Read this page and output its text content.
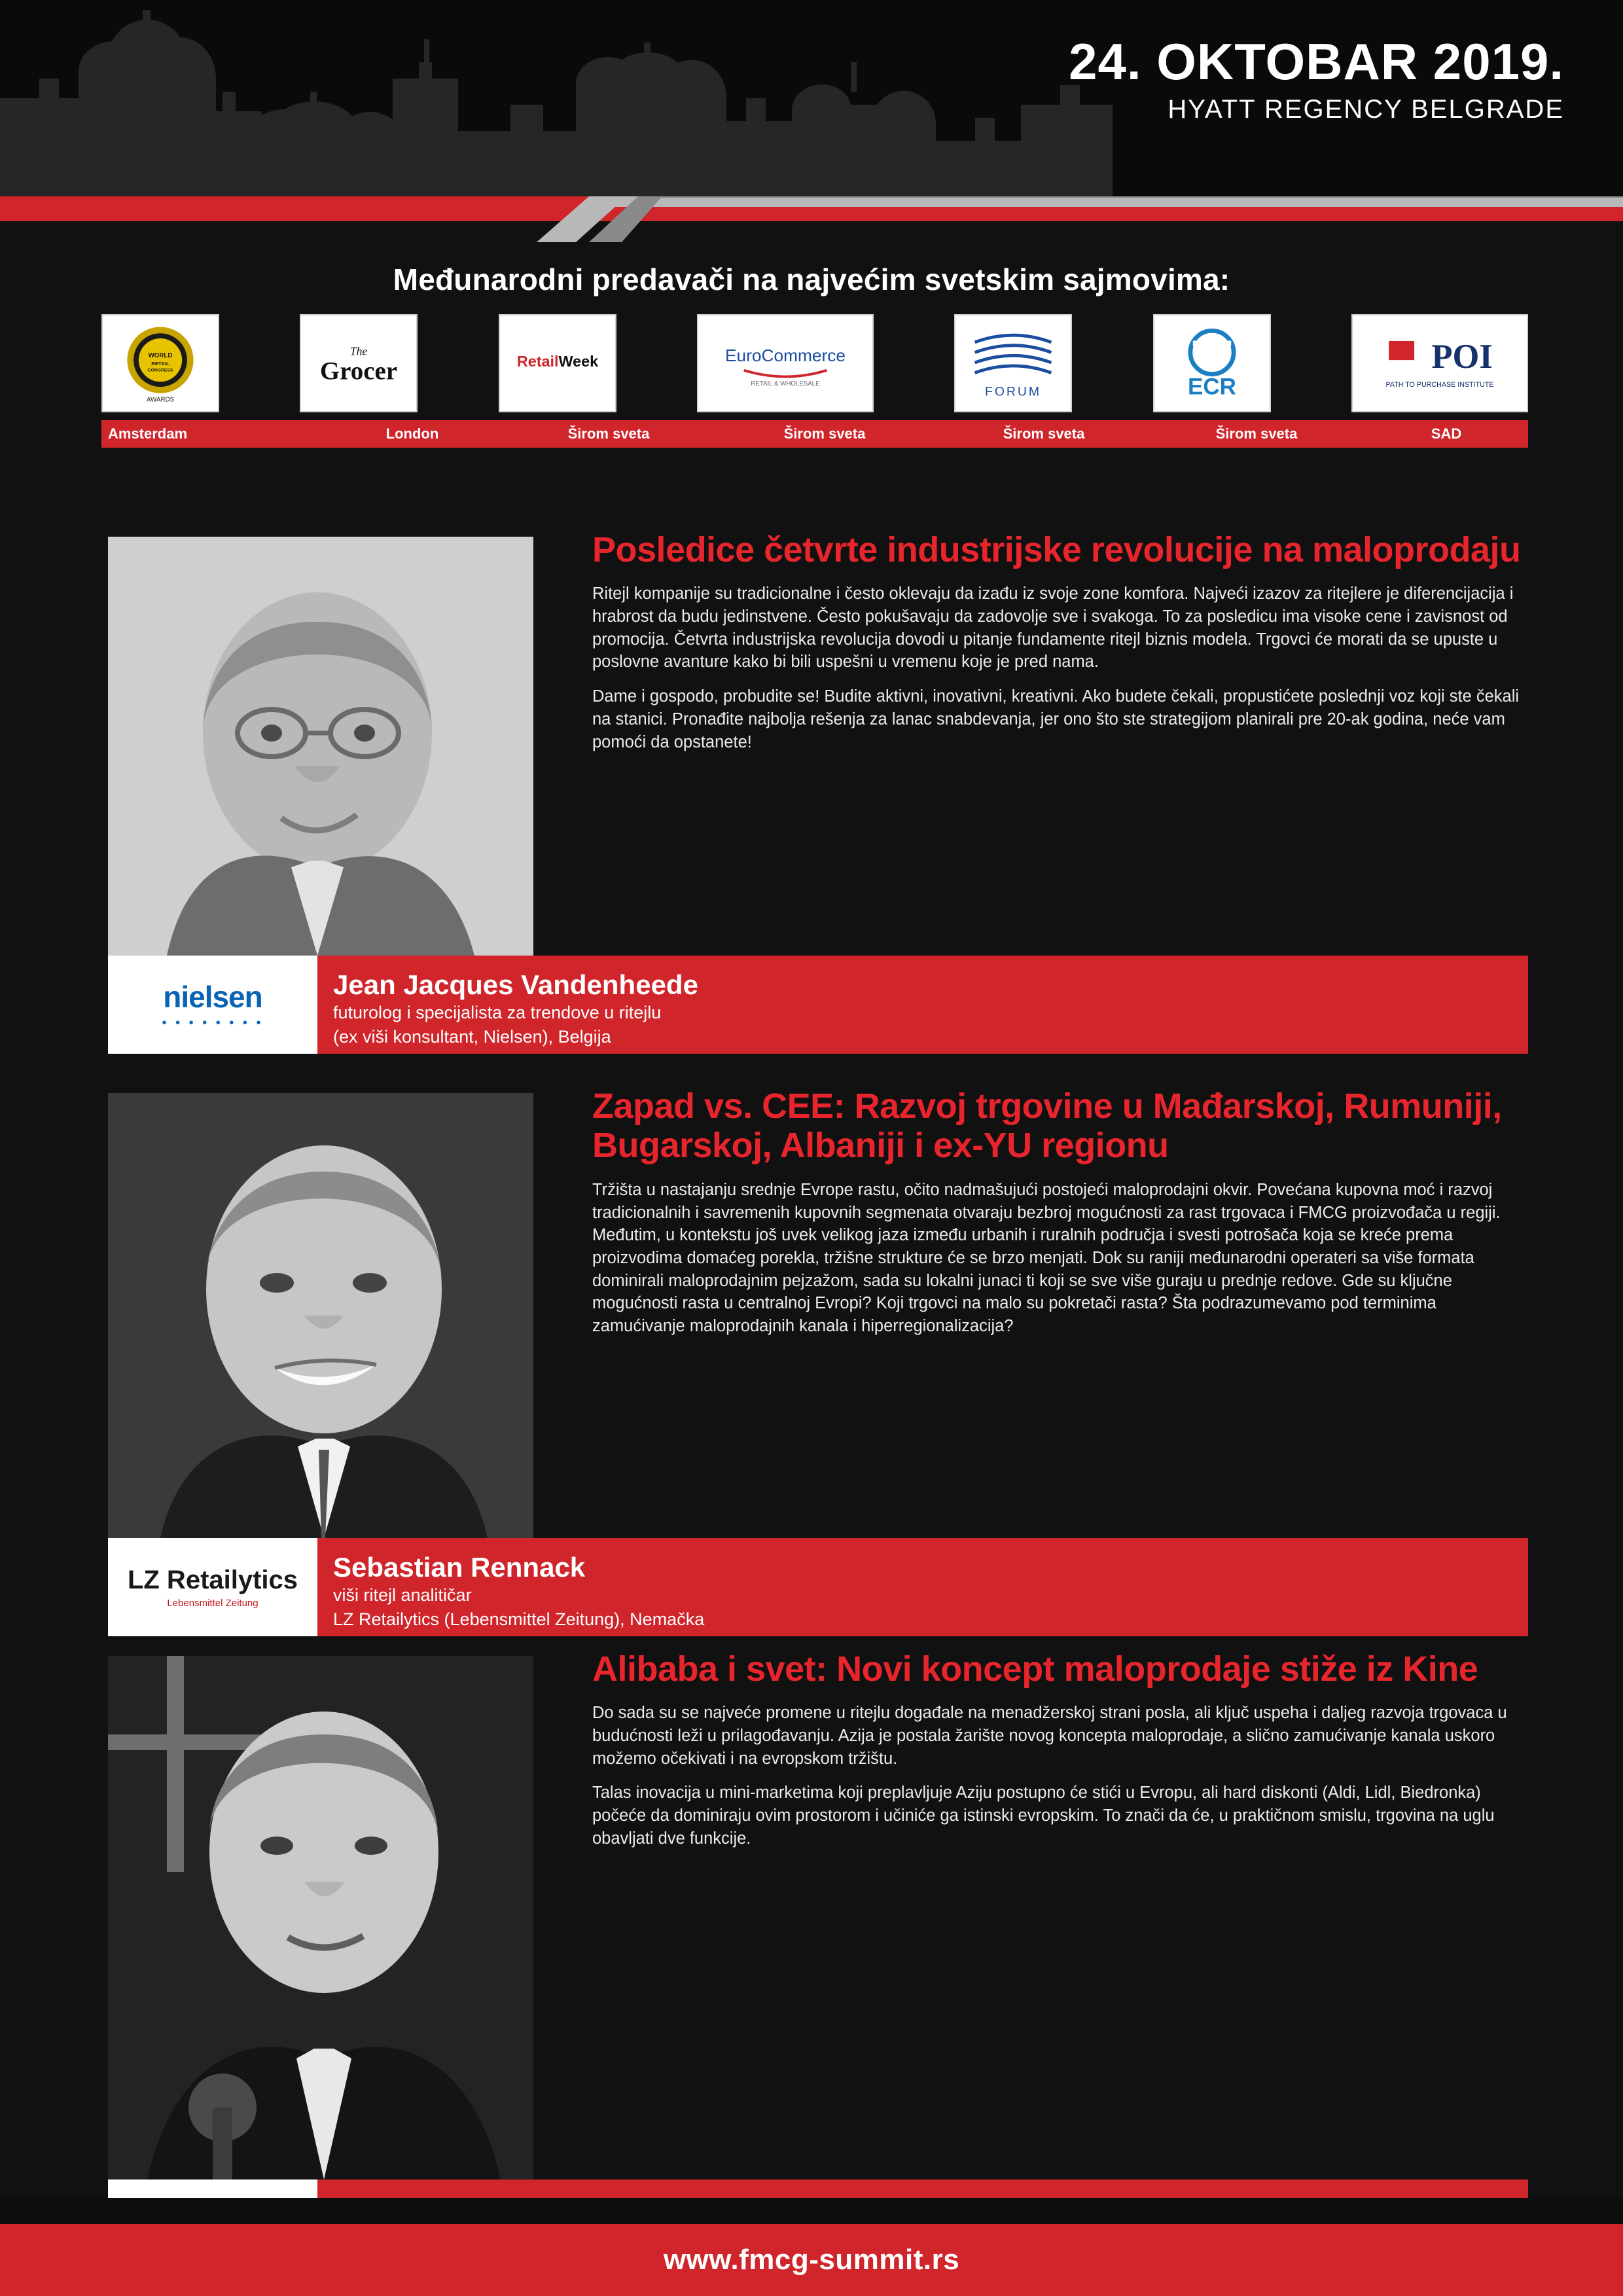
24. OKTOBAR 2019.
HYATT REGENCY BELGRADE
Međunarodni predavači na najvećim svetskim sajmovima:
WORLD
RETAIL
CONGRESS
AWARDS
The
Grocer	RetailWeek	EuroCommerce
RETAIL & WHOLESALE
FORUM	ECR
POI
PATH TO PURCHASE INSTITUTE
Amsterdam	London	Širom sveta	Širom sveta	Širom sveta	Širom sveta	SAD
nielsen
• • • • • • • •
Jean Jacques Vandenheede
futurolog i specijalista za trendove u ritejlu
(ex viši konsultant, Nielsen), Belgija
Posledice četvrte industrijske revolucije na maloprodaju

Ritejl kompanije su tradicionalne i često oklevaju da izađu iz svoje zone komfora. Najveći izazov za ritejlere je diferencijacija i hrabrost da budu jedinstvene. Često pokušavaju da zadovolje sve i svakoga. To za posledicu ima visoke cene i zavisnost od promocija. Četvrta industrijska revolucija dovodi u pitanje fundamente ritejl biznis modela. Trgovci će morati da se upuste u poslovne avanture kako bi bili uspešni u vremenu koje je pred nama.

Dame i gospodo, probudite se! Budite aktivni, inovativni, kreativni. Ako budete čekali, propustićete poslednji voz koji ste čekali na stanici. Pronađite najbolja rešenja za lanac snabdevanja, jer ono što ste strategijom planirali pre 20-ak godina, neće vam pomoći da opstanete!

LZ Retailytics
Lebensmittel Zeitung
Sebastian Rennack
viši ritejl analitičar
LZ Retailytics (Lebensmittel Zeitung), Nemačka
Zapad vs. CEE: Razvoj trgovine u Mađarskoj, Rumuniji, Bugarskoj, Albaniji i ex-YU regionu

Tržišta u nastajanju srednje Evrope rastu, očito nadmašujući postojeći maloprodajni okvir. Povećana kupovna moć i razvoj tradicionalnih i savremenih kupovnih segmenata otvaraju bezbroj mogućnosti za rast trgovaca i FMCG proizvođača u regiji. Međutim, u kontekstu još uvek velikog jaza između urbanih i ruralnih područja i svesti potrošača koja se kreće prema proizvodima domaćeg porekla, tržišne strukture će se brzo menjati. Dok su raniji međunarodni operateri sa više formata dominirali maloprodajnim pejzažom, sada su lokalni junaci ti koji se sve više guraju u prednje redove. Gde su ključne mogućnosti rasta u centralnoj Evropi? Koji trgovci na malo su pokretači rasta? Šta podrazumevamo pod terminima zamućivanje maloprodajnih kanala i hiperregionalizacija?

Alibaba i svet: Novi koncept maloprodaje stiže iz Kine

Do sada su se najveće promene u ritejlu događale na menadžerskoj strani posla, ali ključ uspeha i daljeg razvoja trgovaca u budućnosti leži u prilagođavanju. Azija je postala žarište novog koncepta maloprodaje, a slično zamućivanje kanala uskoro možemo očekivati i na evropskom tržištu.

Talas inovacija u mini-marketima koji preplavljuje Aziju postupno će stići u Evropu, ali hard diskonti (Aldi, Lidl, Biedronka) počeće da dominiraju ovim prostorom i učiniće ga istinski evropskim. To znači da će, u praktičnom smislu, trgovina na uglu obavljati dve funkcije.

www.fmcg-summit.rs
